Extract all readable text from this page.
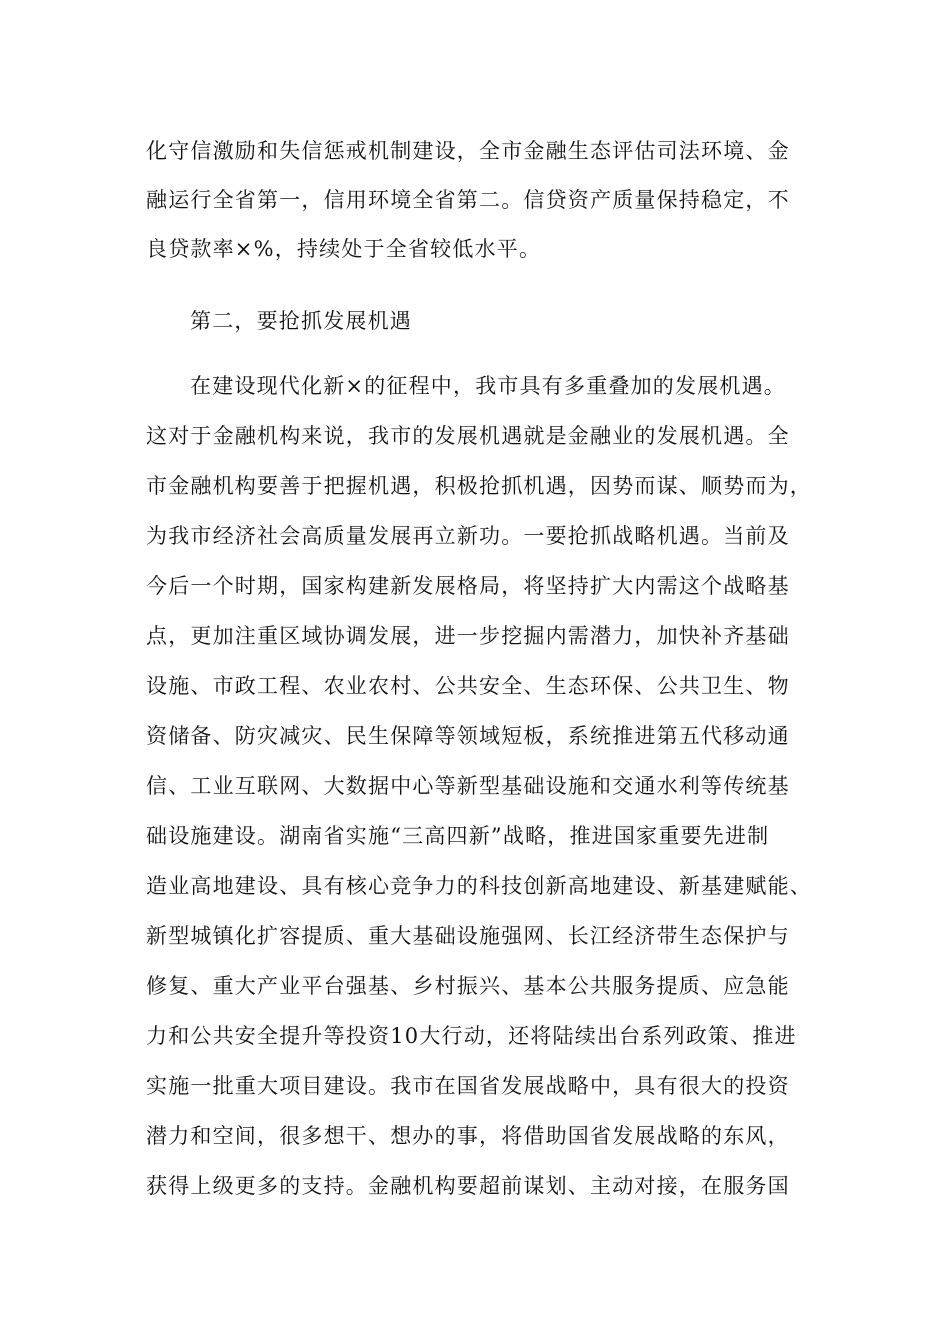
化守信激励和失信惩戒机制建设，全市金融生态评估司法环境、金
融运行全省第一，信用环境全省第二。信贷资产质量保持稳定，不
良贷款率×%，持续处于全省较低水平。
第二，要抢抓发展机遇
在建设现代化新×的征程中，我市具有多重叠加的发展机遇。
这对于金融机构来说，我市的发展机遇就是金融业的发展机遇。全
市金融机构要善于把握机遇，积极抢抓机遇，因势而谋、顺势而为，
为我市经济社会高质量发展再立新功。一要抢抓战略机遇。当前及
今后一个时期，国家构建新发展格局，将坚持扩大内需这个战略基
点，更加注重区域协调发展，进一步挖掘内需潜力，加快补齐基础
设施、市政工程、农业农村、公共安全、生态环保、公共卫生、物
资储备、防灾减灾、民生保障等领域短板，系统推进第五代移动通
信、工业互联网、大数据中心等新型基础设施和交通水利等传统基
础设施建设。湖南省实施“三高四新”战略，推进国家重要先进制
造业高地建设、具有核心竞争力的科技创新高地建设、新基建赋能、
新型城镇化扩容提质、重大基础设施强网、长江经济带生态保护与
修复、重大产业平台强基、乡村振兴、基本公共服务提质、应急能
力和公共安全提升等投资10大行动，还将陆续出台系列政策、推进
实施一批重大项目建设。我市在国省发展战略中，具有很大的投资
潜力和空间，很多想干、想办的事，将借助国省发展战略的东风，
获得上级更多的支持。金融机构要超前谋划、主动对接，在服务国
